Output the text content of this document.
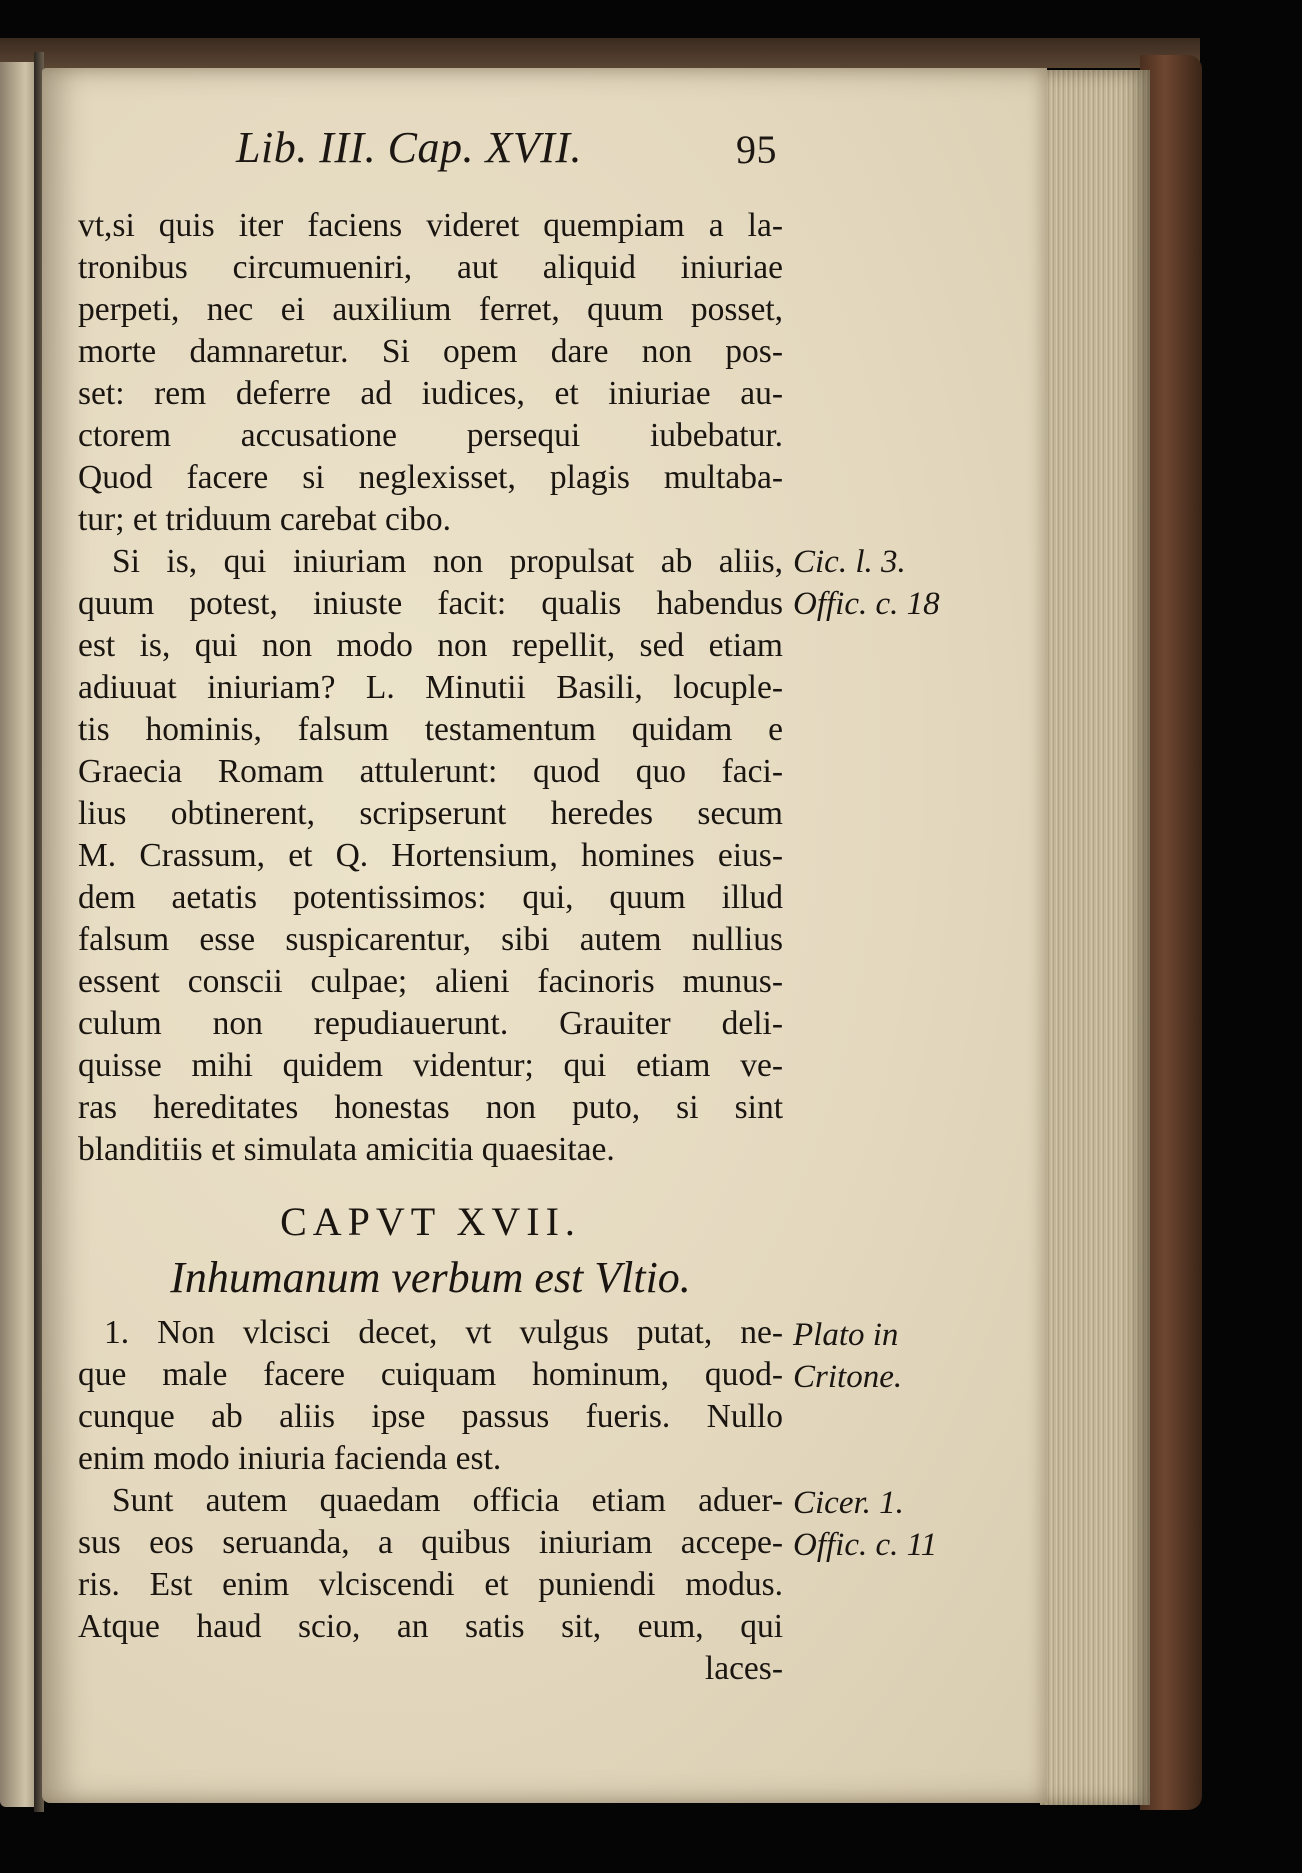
Lib. III. Cap. XVII.	95
vt,si quis iter faciens videret quempiam a la-
tronibus circumueniri, aut aliquid iniuriae
perpeti, nec ei auxilium ferret, quum posset,
morte damnaretur. Si opem dare non pos-
set: rem deferre ad iudices, et iniuriae au-
ctorem accusatione persequi iubebatur.
Quod facere si neglexisset, plagis multaba-
tur; et triduum carebat cibo.
Si is, qui iniuriam non propulsat ab aliis,
quum potest, iniuste facit: qualis habendus
est is, qui non modo non repellit, sed etiam
adiuuat iniuriam? L. Minutii Basili, locuple-
tis hominis, falsum testamentum quidam e
Graecia Romam attulerunt: quod quo faci-
lius obtinerent, scripserunt heredes secum
M. Crassum, et Q. Hortensium, homines eius-
dem aetatis potentissimos: qui, quum illud
falsum esse suspicarentur, sibi autem nullius
essent conscii culpae; alieni facinoris munus-
culum non repudiauerunt. Grauiter deli-
quisse mihi quidem videntur; qui etiam ve-
ras hereditates honestas non puto, si sint
blanditiis et simulata amicitia quaesitae.
CAPVT XVII.
Inhumanum verbum est Vltio.
1. Non vlcisci decet, vt vulgus putat, ne-
que male facere cuiquam hominum, quod-
cunque ab aliis ipse passus fueris. Nullo
enim modo iniuria facienda est.
Sunt autem quaedam officia etiam aduer-
sus eos seruanda, a quibus iniuriam accepe-
ris. Est enim vlciscendi et puniendi modus.
Atque haud scio, an satis sit, eum, qui
laces-
Cic. l. 3.
Offic. c. 18
Plato in
Critone.
Cicer. 1.
Offic. c. 11
